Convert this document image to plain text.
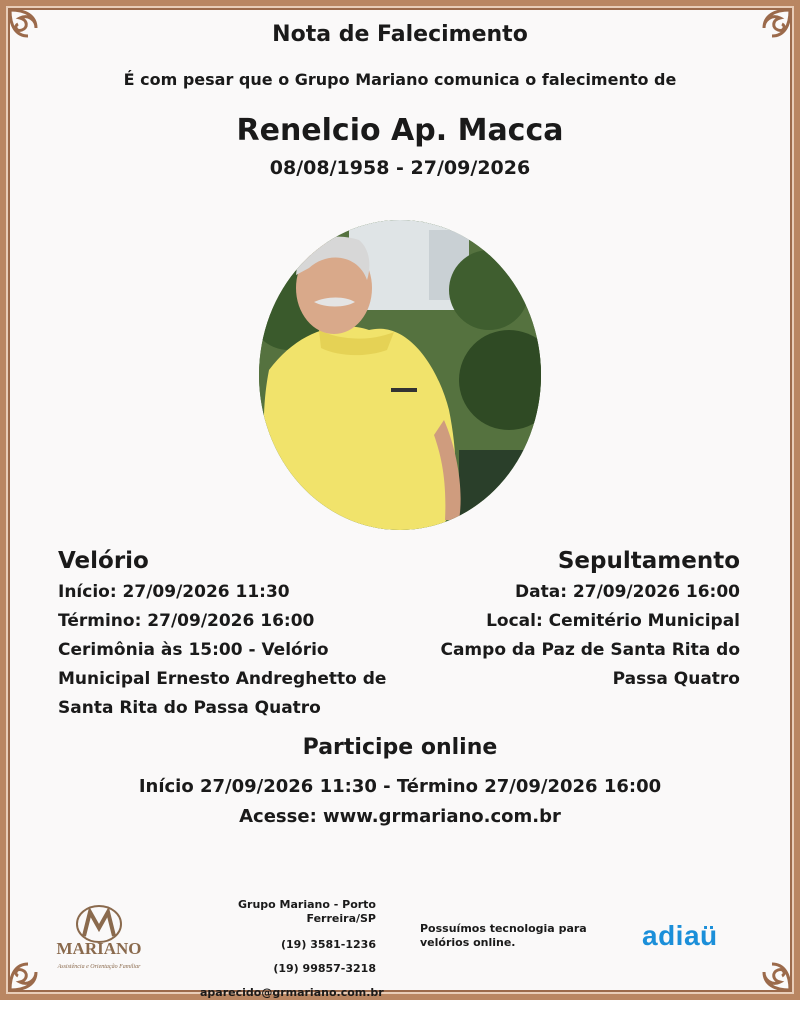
Nota de Falecimento
É com pesar que o Grupo Mariano comunica o falecimento de
Renelcio Ap. Macca
08/08/1958 - 27/09/2026
Velório

Início: 27/09/2026 11:30

Término: 27/09/2026 16:00

Cerimônia às 15:00 - Velório Municipal Ernesto Andreghetto de Santa Rita do Passa Quatro

Sepultamento

Data: 27/09/2026 16:00

Local: Cemitério Municipal Campo da Paz de Santa Rita do Passa Quatro

Participe online
Início 27/09/2026 11:30 - Término 27/09/2026 16:00
Acesse: www.grmariano.com.br
MARIANO
Assistência e Orientação Familiar
Grupo Mariano - Porto Ferreira/SP
(19) 3581-1236
(19) 99857-3218
aparecido@grmariano.com.br
Possuímos tecnologia para velórios online.	adiaü
